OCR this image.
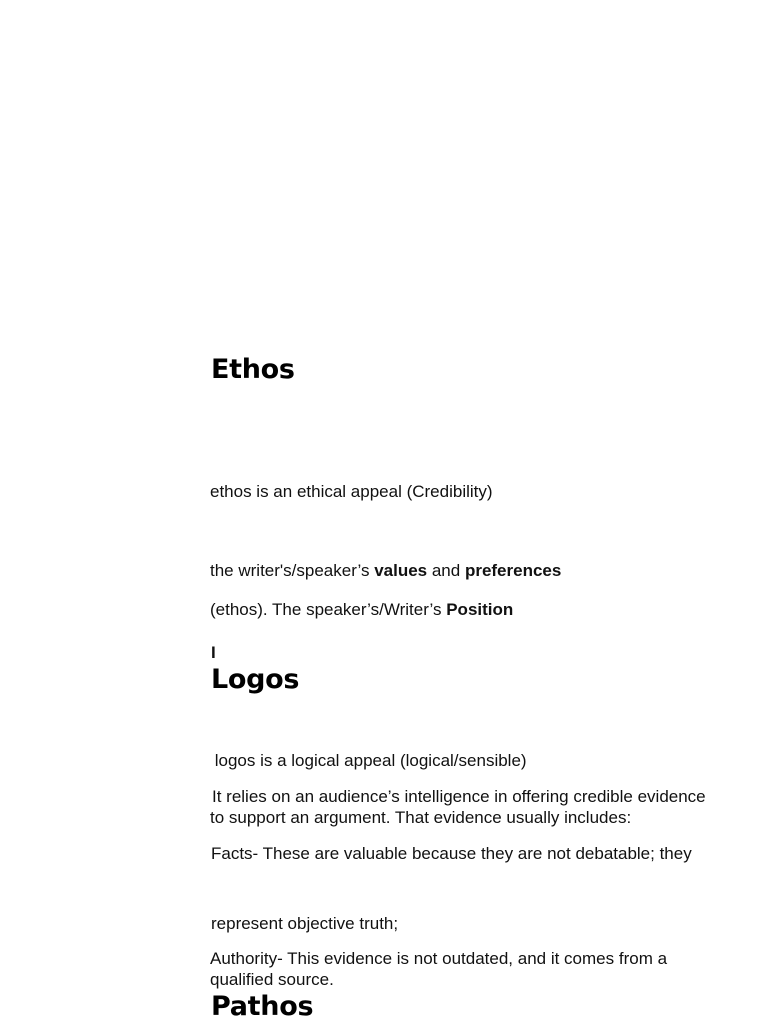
Ethos
ethos is an ethical appeal (Credibility)
the writer's/speaker’s values and preferences
(ethos). The speaker’s/Writer’s Position
I
Logos
logos is a logical appeal (logical/sensible)
It relies on an audience’s intelligence in offering credible evidence to support an argument. That evidence usually includes:
Facts- These are valuable because they are not debatable; they
represent objective truth;
Authority- This evidence is not outdated, and it comes from a qualified source.
Pathos
